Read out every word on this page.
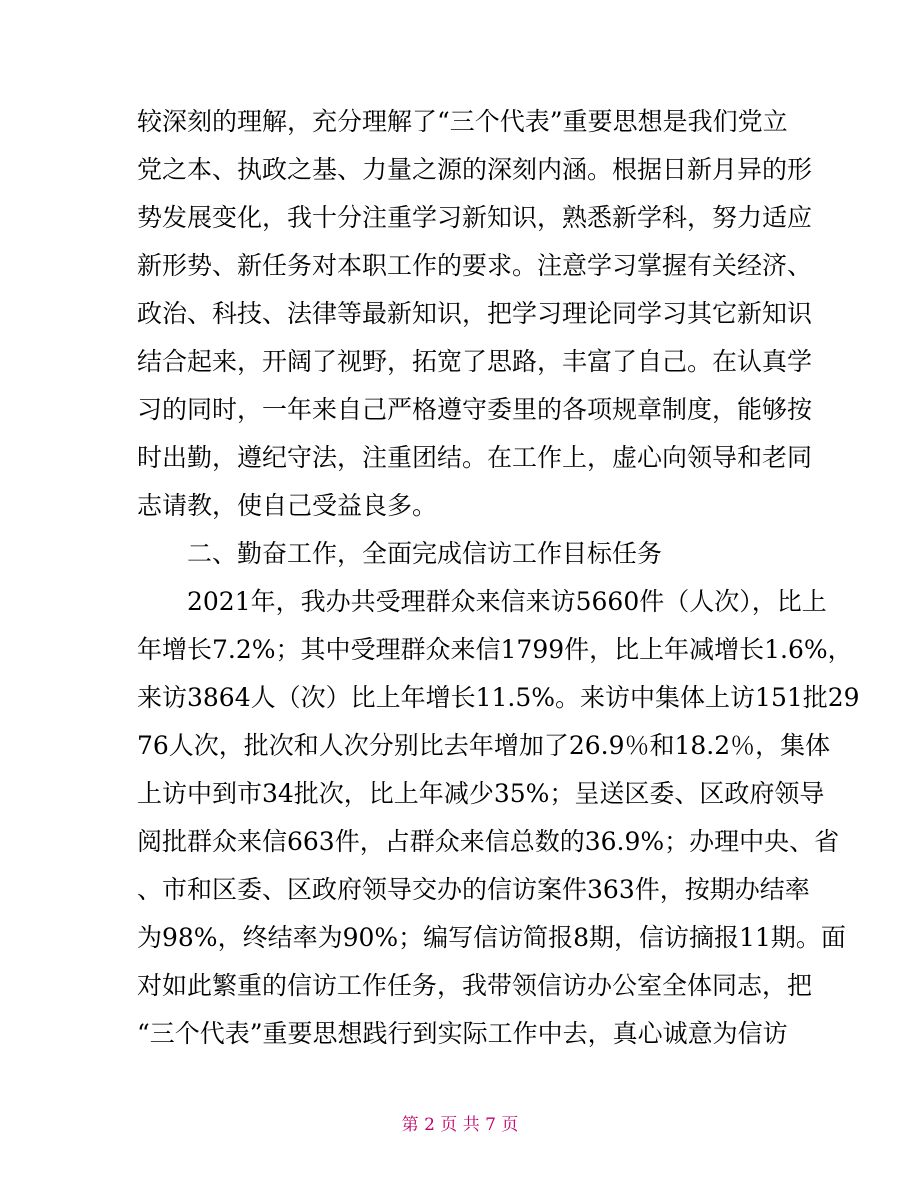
较深刻的理解，充分理解了“三个代表”重要思想是我们党立
党之本、执政之基、力量之源的深刻内涵。根据日新月异的形
势发展变化，我十分注重学习新知识，熟悉新学科，努力适应
新形势、新任务对本职工作的要求。注意学习掌握有关经济、
政治、科技、法律等最新知识，把学习理论同学习其它新知识
结合起来，开阔了视野，拓宽了思路，丰富了自己。在认真学
习的同时，一年来自己严格遵守委里的各项规章制度，能够按
时出勤，遵纪守法，注重团结。在工作上，虚心向领导和老同
志请教，使自己受益良多。
　　二、勤奋工作，全面完成信访工作目标任务
　　2021年，我办共受理群众来信来访5660件（人次），比上
年增长7.2%；其中受理群众来信1799件，比上年减增长1.6%，
来访3864人（次）比上年增长11.5%。来访中集体上访151批29
76人次，批次和人次分别比去年增加了26.9％和18.2％，集体
上访中到市34批次，比上年减少35%；呈送区委、区政府领导
阅批群众来信663件，占群众来信总数的36.9%；办理中央、省
、市和区委、区政府领导交办的信访案件363件，按期办结率
为98%，终结率为90%；编写信访简报8期，信访摘报11期。面
对如此繁重的信访工作任务，我带领信访办公室全体同志，把
第 2 页 共 7 页
“三个代表”重要思想践行到实际工作中去，真心诚意为信访
